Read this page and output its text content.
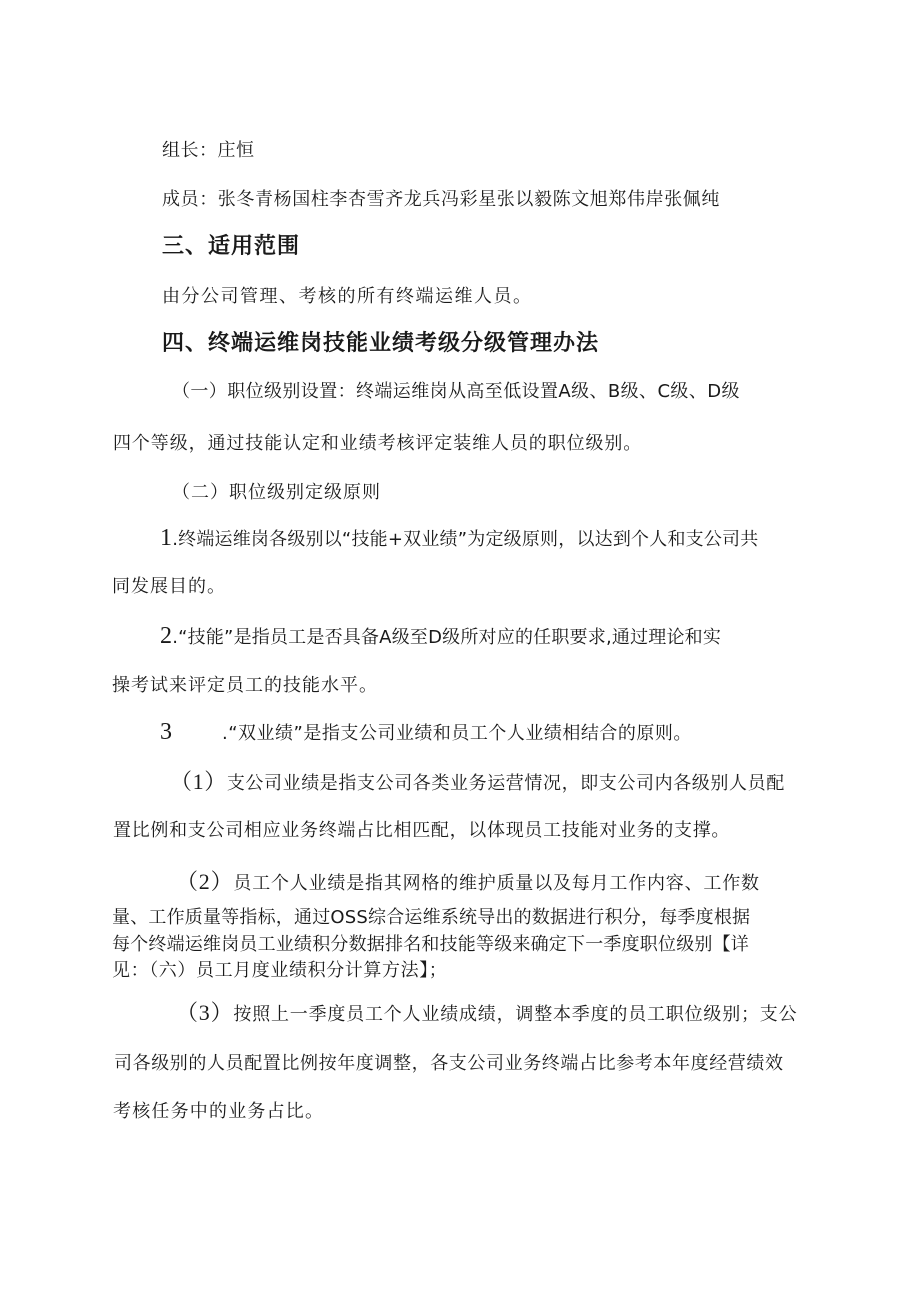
组长：庄恒
成员：张冬青杨国柱李杏雪齐龙兵冯彩星张以毅陈文旭郑伟岸张佩纯
三、适用范围
由分公司管理、考核的所有终端运维人员。
四、终端运维岗技能业绩考级分级管理办法
（一）职位级别设置：终端运维岗从高至低设置A级、B级、C级、D级
四个等级，通过技能认定和业绩考核评定装维人员的职位级别。
（二）职位级别定级原则
1.终端运维岗各级别以“技能+双业绩”为定级原则，以达到个人和支公司共
同发展目的。
2.“技能”是指员工是否具备A级至D级所对应的任职要求,通过理论和实
操考试来评定员工的技能水平。
3	.“双业绩”是指支公司业绩和员工个人业绩相结合的原则。
（1）支公司业绩是指支公司各类业务运营情况，即支公司内各级别人员配
置比例和支公司相应业务终端占比相匹配，以体现员工技能对业务的支撑。
（2）员工个人业绩是指其网格的维护质量以及每月工作内容、工作数
量、工作质量等指标，通过OSS综合运维系统导出的数据进行积分，每季度根据
每个终端运维岗员工业绩积分数据排名和技能等级来确定下一季度职位级别【详
见：（六）员工月度业绩积分计算方法】；
（3）按照上一季度员工个人业绩成绩，调整本季度的员工职位级别；支公
司各级别的人员配置比例按年度调整，各支公司业务终端占比参考本年度经营绩效
考核任务中的业务占比。
